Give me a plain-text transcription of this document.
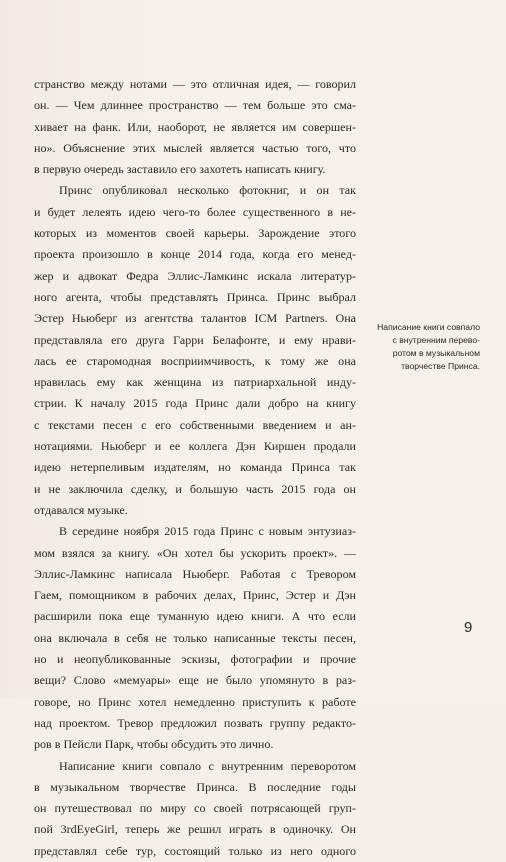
странство между нотами — это отличная идея, — говорил
он. — Чем длиннее пространство — тем больше это сма-
хивает на фанк. Или, наоборот, не является им совершен-
но». Объяснение этих мыслей является частью того, что
в первую очередь заставило его захотеть написать книгу.
Принс опубликовал несколько фотокниг, и он так
и будет лелеять идею чего-то более существенного в не-
которых из моментов своей карьеры. Зарождение этого
проекта произошло в конце 2014 года, когда его менед-
жер и адвокат Федра Эллис-Ламкинс искала литератур-
ного агента, чтобы представлять Принса. Принс выбрал
Эстер Ньюберг из агентства талантов ICM Partners. Она
представляла его друга Гарри Белафонте, и ему нрави-
лась ее старомодная восприимчивость, к тому же она
нравилась ему как женщина из патриархальной инду-
стрии. К началу 2015 года Принс дали добро на книгу
с текстами песен с его собственными введением и ан-
нотациями. Ньюберг и ее коллега Дэн Киршен продали
идею нетерпеливым издателям, но команда Принса так
и не заключила сделку, и большую часть 2015 года он
отдавался музыке.
В середине ноября 2015 года Принс с новым энтузиаз-
мом взялся за книгу. «Он хотел бы ускорить проект». —
Эллис-Ламкинс написала Ньюберг. Работая с Тревором
Гаем, помощником в рабочих делах, Принс, Эстер и Дэн
расширили пока еще туманную идею книги. А что если
она включала в себя не только написанные тексты песен,
но и неопубликованные эскизы, фотографии и прочие
вещи? Слово «мемуары» еще не было упомянуто в раз-
говоре, но Принс хотел немедленно приступить к работе
над проектом. Тревор предложил позвать группу редакто-
ров в Пейсли Парк, чтобы обсудить это лично.
Написание книги совпало с внутренним переворотом
в музыкальном творчестве Принса. В последние годы
он путешествовал по миру со своей потрясающей груп-
пой 3rdEyeGirl, теперь же решил играть в одиночку. Он
представлял себе тур, состоящий только из него одного
Написание книги совпало
с внутренним перево-
ротом в музыкальном
творчестве Принса.
9
